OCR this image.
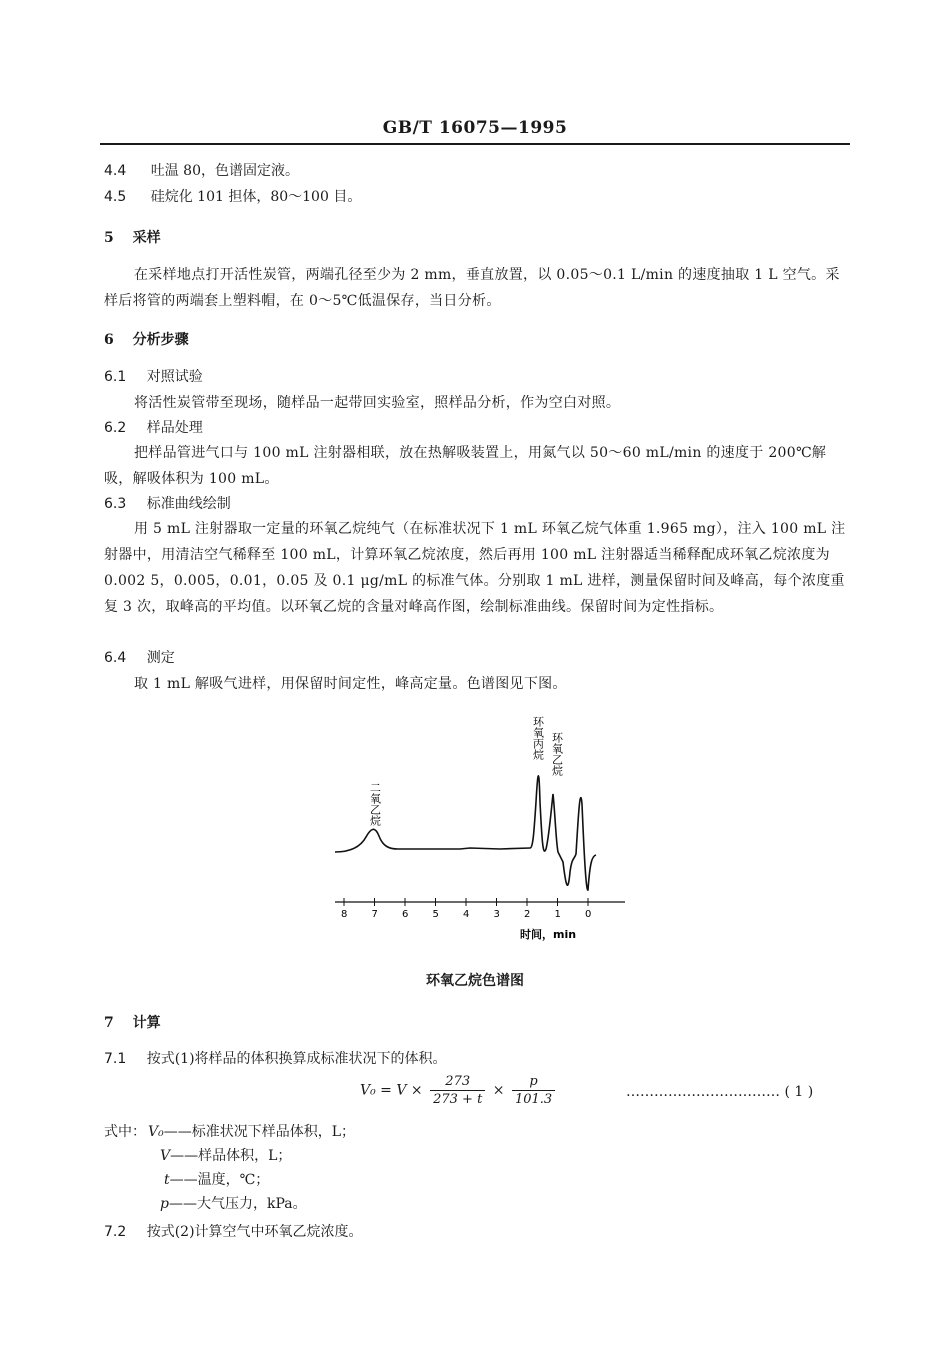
GB/T 16075—1995
4.4 吐温 80，色谱固定液。
4.5 硅烷化 101 担体，80～100 目。
5 采样
在采样地点打开活性炭管，两端孔径至少为 2 mm，垂直放置，以 0.05～0.1 L/min 的速度抽取 1 L 空气。采样后将管的两端套上塑料帽，在 0～5℃低温保存，当日分析。
6 分析步骤
6.1 对照试验
将活性炭管带至现场，随样品一起带回实验室，照样品分析，作为空白对照。
6.2 样品处理
把样品管进气口与 100 mL 注射器相联，放在热解吸装置上，用氮气以 50～60 mL/min 的速度于 200℃解吸，解吸体积为 100 mL。
6.3 标准曲线绘制
用 5 mL 注射器取一定量的环氧乙烷纯气（在标准状况下 1 mL 环氧乙烷气体重 1.965 mg），注入 100 mL 注射器中，用清洁空气稀释至 100 mL，计算环氧乙烷浓度，然后再用 100 mL 注射器适当稀释配成环氧乙烷浓度为 0.002 5，0.005，0.01，0.05 及 0.1 μg/mL 的标准气体。分别取 1 mL 进样，测量保留时间及峰高，每个浓度重复 3 次，取峰高的平均值。以环氧乙烷的含量对峰高作图，绘制标准曲线。保留时间为定性指标。
6.4 测定
取 1 mL 解吸气进样，用保留时间定性，峰高定量。色谱图见下图。
二氧乙烷
环氧丙烷 环氧乙烷
8 7 6 5 4 3 2 1 0
时间，min
环氧乙烷色谱图
7 计算
7.1 按式(1)将样品的体积换算成标准状况下的体积。
$V_0 = V \times \frac{273}{273 + t} \times \frac{p}{101.3}$	…………………………… ( 1 )
式中： V₀——标准状况下样品体积，L；
V——样品体积，L；
t——温度，℃；
p——大气压力，kPa。
7.2 按式(2)计算空气中环氧乙烷浓度。
